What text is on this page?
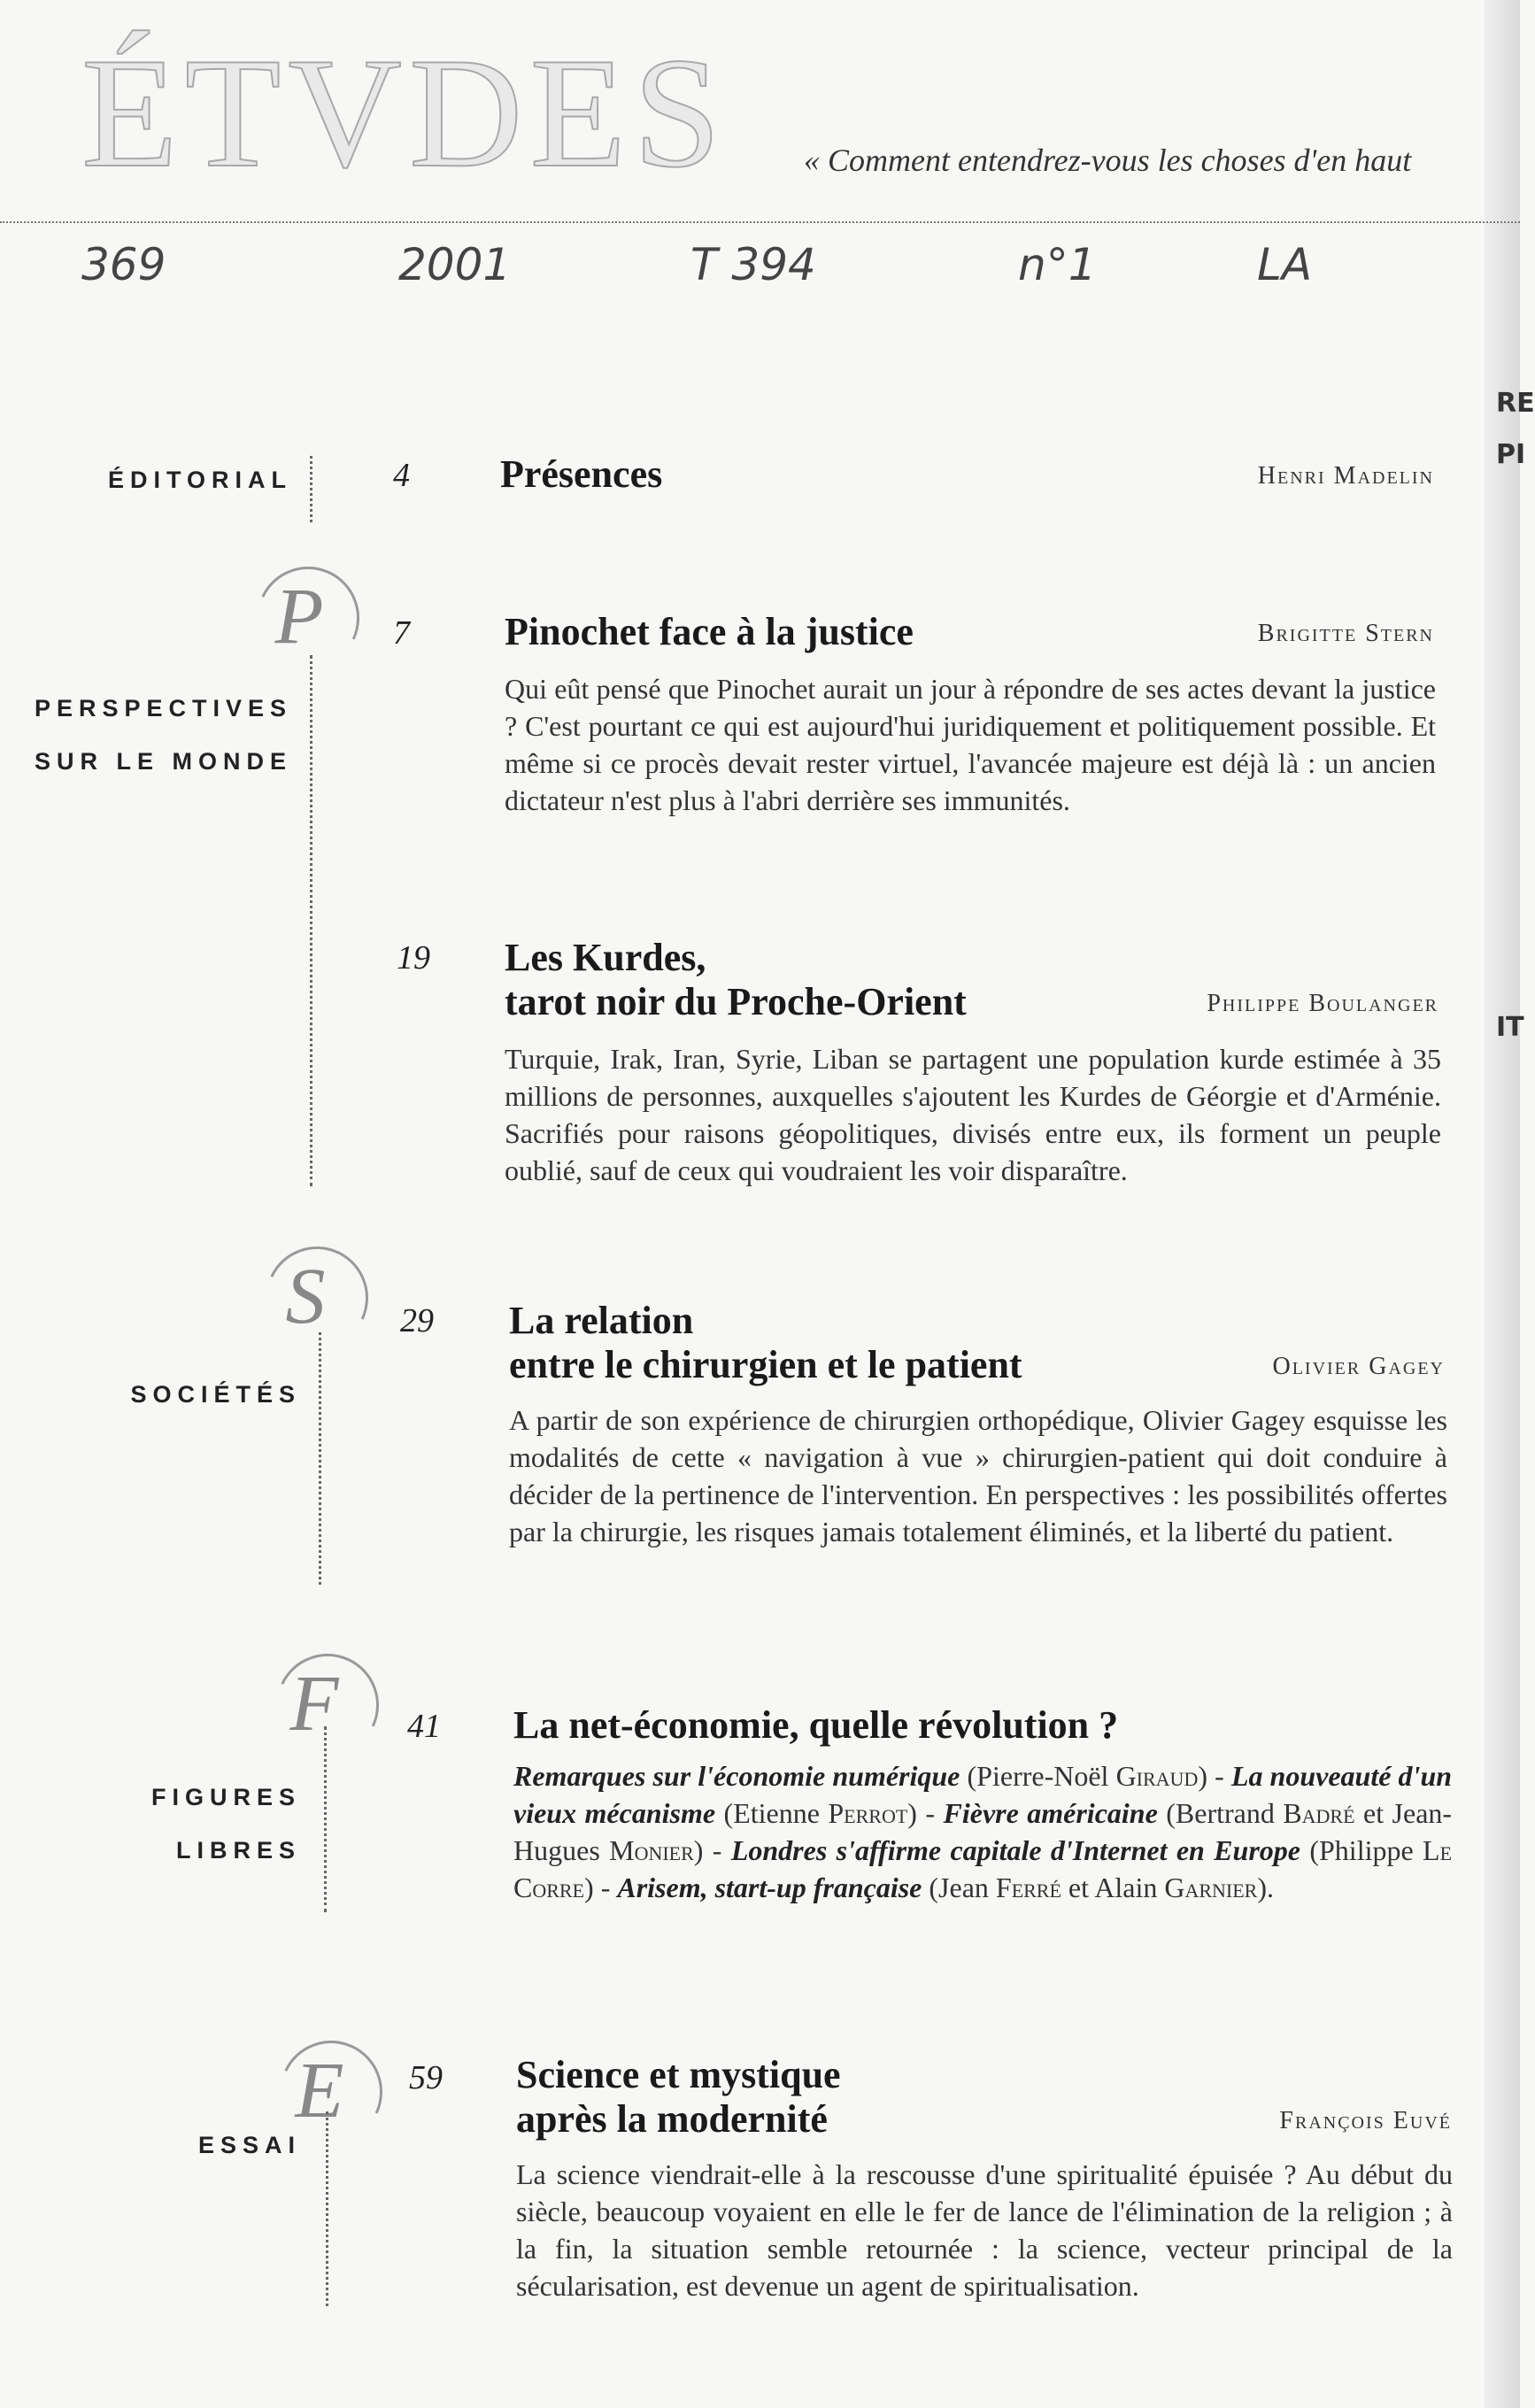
RE
PI
IT
ÉTVDES « Comment entendrez-vous les choses d'en haut
369	2001	T 394	n°1	LA
ÉDITORIAL	4 Présences	Henri Madelin
P
PERSPECTIVES
SUR LE MONDE
7 Pinochet face à la justice	Brigitte Stern
Qui eût pensé que Pinochet aurait un jour à répondre de ses actes devant la justice ? C'est pourtant ce qui est aujourd'hui juridiquement et politiquement possible. Et même si ce procès devait rester virtuel, l'avancée majeure est déjà là : un ancien dictateur n'est plus à l'abri derrière ses immunités.
19 Les Kurdes,
tarot noir du Proche-Orient	Philippe Boulanger
Turquie, Irak, Iran, Syrie, Liban se partagent une population kurde estimée à 35 millions de personnes, auxquelles s'ajoutent les Kurdes de Géorgie et d'Arménie. Sacrifiés pour raisons géopolitiques, divisés entre eux, ils forment un peuple oublié, sauf de ceux qui voudraient les voir disparaître.
S
SOCIÉTÉS
29 La relation
entre le chirurgien et le patient	Olivier Gagey
A partir de son expérience de chirurgien orthopédique, Olivier Gagey esquisse les modalités de cette « navigation à vue » chirurgien-patient qui doit conduire à décider de la pertinence de l'intervention. En perspectives : les possibilités offertes par la chirurgie, les risques jamais totalement éliminés, et la liberté du patient.
F
FIGURES LIBRES
41 La net-économie, quelle révolution ?
Remarques sur l'économie numérique (Pierre-Noël Giraud) - La nouveauté d'un vieux mécanisme (Etienne Perrot) - Fièvre américaine (Bertrand Badré et Jean-Hugues Monier) - Londres s'affirme capitale d'Internet en Europe (Philippe Le Corre) - Arisem, start-up française (Jean Ferré et Alain Garnier).
E
ESSAI
59 Science et mystique
après la modernité	François Euvé
La science viendrait-elle à la rescousse d'une spiritualité épuisée ? Au début du siècle, beaucoup voyaient en elle le fer de lance de l'élimination de la religion ; à la fin, la situation semble retournée : la science, vecteur principal de la sécularisation, est devenue un agent de spiritualisation.
